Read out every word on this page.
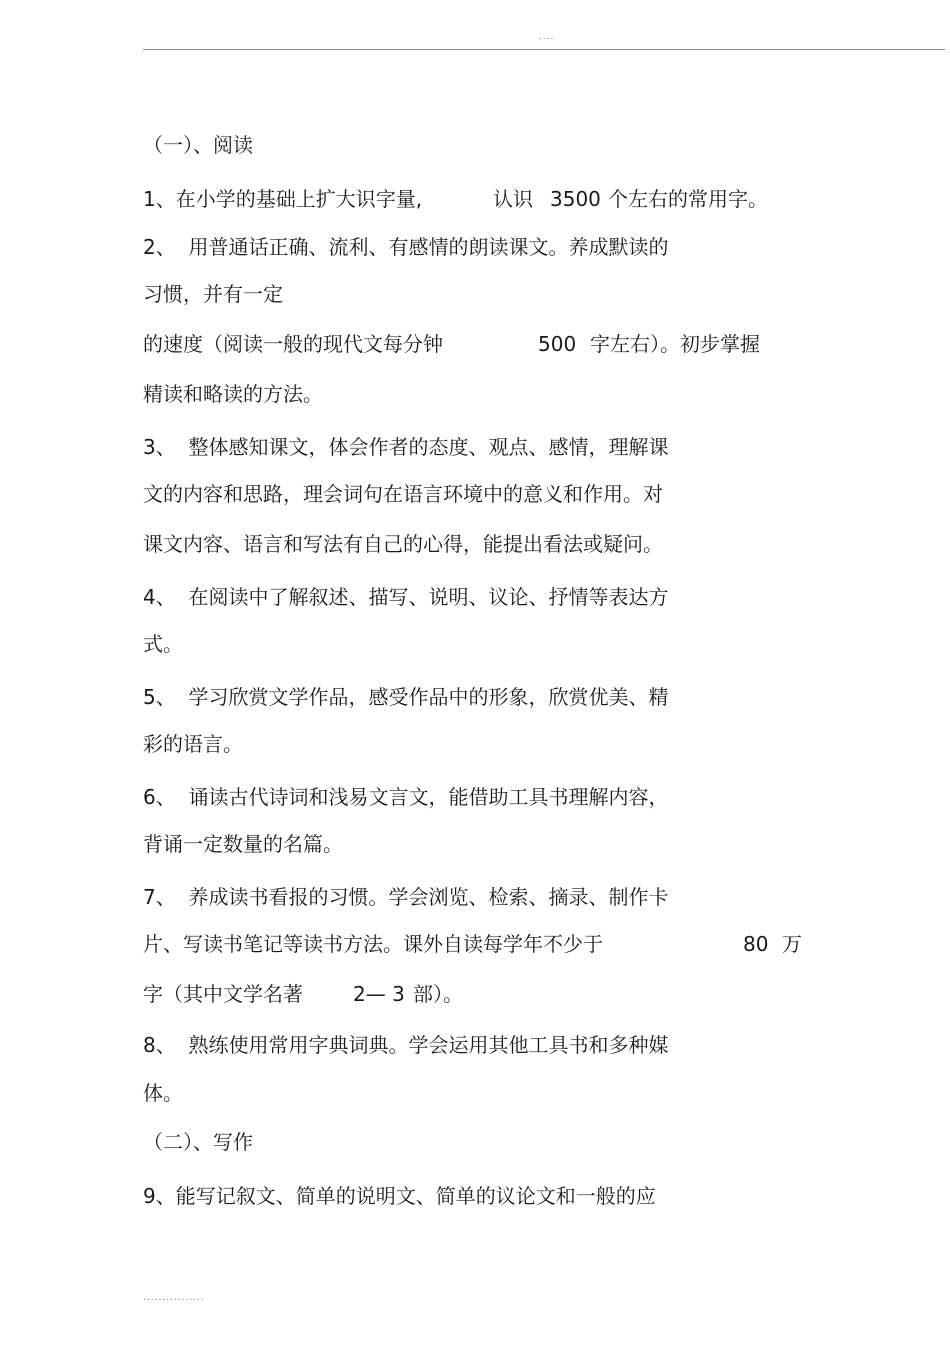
....
（一）、阅读
1、在小学的基础上扩大识字量,	认识 3500 个左右的常用字。
2、  用普通话正确、流利、有感情的朗读课文。养成默读的
习惯，并有一定
的速度（阅读一般的现代文每分钟	500 字左右）。初步掌握
精读和略读的方法。
3、  整体感知课文，体会作者的态度、观点、感情，理解课
文的内容和思路，理会词句在语言环境中的意义和作用。对
课文内容、语言和写法有自己的心得，能提出看法或疑问。
4、  在阅读中了解叙述、描写、说明、议论、抒情等表达方
式。
5、  学习欣赏文学作品，感受作品中的形象，欣赏优美、精
彩的语言。
6、  诵读古代诗词和浅易文言文，能借助工具书理解内容，
背诵一定数量的名篇。
7、  养成读书看报的习惯。学会浏览、检索、摘录、制作卡
片、写读书笔记等读书方法。课外自读每学年不少于	80 万
字（其中文学名著	2— 3 部）。
8、  熟练使用常用字典词典。学会运用其他工具书和多种媒
体。
（二）、写作
9、能写记叙文、简单的说明文、简单的议论文和一般的应
................
